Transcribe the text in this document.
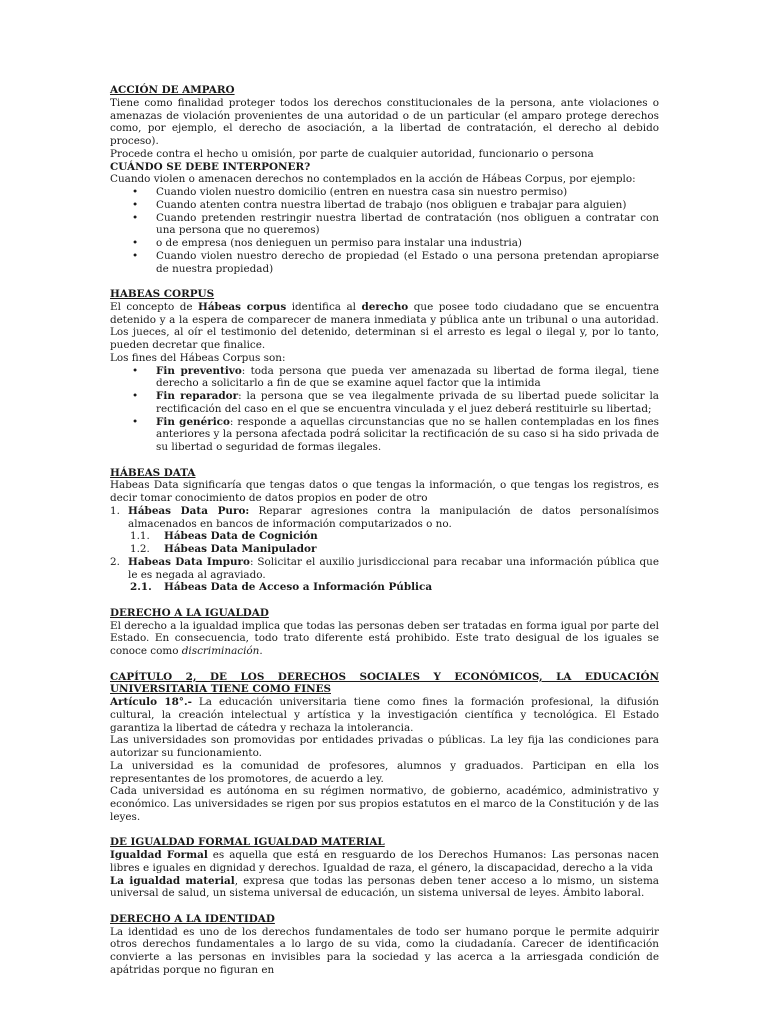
ACCIÓN DE AMPARO

Tiene como finalidad proteger todos los derechos constitucionales de la persona, ante violaciones o amenazas de violación provenientes de una autoridad o de un particular (el amparo protege derechos como, por ejemplo, el derecho de asociación, a la libertad de contratación, el derecho al debido proceso).

Procede contra el hecho u omisión, por parte de cualquier autoridad, funcionario o persona

CUÁNDO SE DEBE INTERPONER?

Cuando violen o amenacen derechos no contemplados en la acción de Hábeas Corpus, por ejemplo:

• Cuando violen nuestro domicilio (entren en nuestra casa sin nuestro permiso)
• Cuando atenten contra nuestra libertad de trabajo (nos obliguen e trabajar para alguien)
• Cuando pretenden restringir nuestra libertad de contratación (nos obliguen a contratar con una persona que no queremos)
• o de empresa (nos denieguen un permiso para instalar una industria)
• Cuando violen nuestro derecho de propiedad (el Estado o una persona pretendan apropiarse de nuestra propiedad)

HABEAS CORPUS

El concepto de Hábeas corpus identifica al derecho que posee todo ciudadano que se encuentra detenido y a la espera de comparecer de manera inmediata y pública ante un tribunal o una autoridad. Los jueces, al oír el testimonio del detenido, determinan si el arresto es legal o ilegal y, por lo tanto, pueden decretar que finalice.

Los fines del Hábeas Corpus son:

• Fin preventivo: toda persona que pueda ver amenazada su libertad de forma ilegal, tiene derecho a solicitarlo a fin de que se examine aquel factor que la intimida
• Fin reparador: la persona que se vea ilegalmente privada de su libertad puede solicitar la rectificación del caso en el que se encuentra vinculada y el juez deberá restituirle su libertad;
• Fin genérico: responde a aquellas circunstancias que no se hallen contempladas en los fines anteriores y la persona afectada podrá solicitar la rectificación de su caso si ha sido privada de su libertad o seguridad de formas ilegales.

HÁBEAS DATA

Habeas Data significaría que tengas datos o que tengas la información, o que tengas los registros, es decir tomar conocimiento de datos propios en poder de otro

1. Hábeas Data Puro: Reparar agresiones contra la manipulación de datos personalísimos almacenados en bancos de información computarizados o no.
1.1. Hábeas Data de Cognición
1.2. Hábeas Data Manipulador
2. Habeas Data Impuro: Solicitar el auxilio jurisdiccional para recabar una información pública que le es negada al agraviado.
2.1. Hábeas Data de Acceso a Información Pública

DERECHO A LA IGUALDAD

El derecho a la igualdad implica que todas las personas deben ser tratadas en forma igual por parte del Estado. En consecuencia, todo trato diferente está prohibido. Este trato desigual de los iguales se conoce como discriminación.

CAPÍTULO 2, DE LOS DERECHOS SOCIALES Y ECONÓMICOS, LA EDUCACIÓN UNIVERSITARIA TIENE COMO FINES

Artículo 18°.- La educación universitaria tiene como fines la formación profesional, la difusión cultural, la creación intelectual y artística y la investigación científica y tecnológica. El Estado garantiza la libertad de cátedra y rechaza la intolerancia.

Las universidades son promovidas por entidades privadas o públicas. La ley fija las condiciones para autorizar su funcionamiento.

La universidad es la comunidad de profesores, alumnos y graduados. Participan en ella los representantes de los promotores, de acuerdo a ley.

Cada universidad es autónoma en su régimen normativo, de gobierno, académico, administrativo y económico. Las universidades se rigen por sus propios estatutos en el marco de la Constitución y de las leyes.

DE IGUALDAD FORMAL IGUALDAD MATERIAL

Igualdad Formal es aquella que está en resguardo de los Derechos Humanos: Las personas nacen libres e iguales en dignidad y derechos. Igualdad de raza, el género, la discapacidad, derecho a la vida

La igualdad material, expresa que todas las personas deben tener acceso a lo mismo, un sistema universal de salud, un sistema universal de educación, un sistema universal de leyes. Ámbito laboral.

DERECHO A LA IDENTIDAD

La identidad es uno de los derechos fundamentales de todo ser humano porque le permite adquirir otros derechos fundamentales a lo largo de su vida, como la ciudadanía. Carecer de identificación convierte a las personas en invisibles para la sociedad y las acerca a la arriesgada condición de apátridas porque no figuran en
